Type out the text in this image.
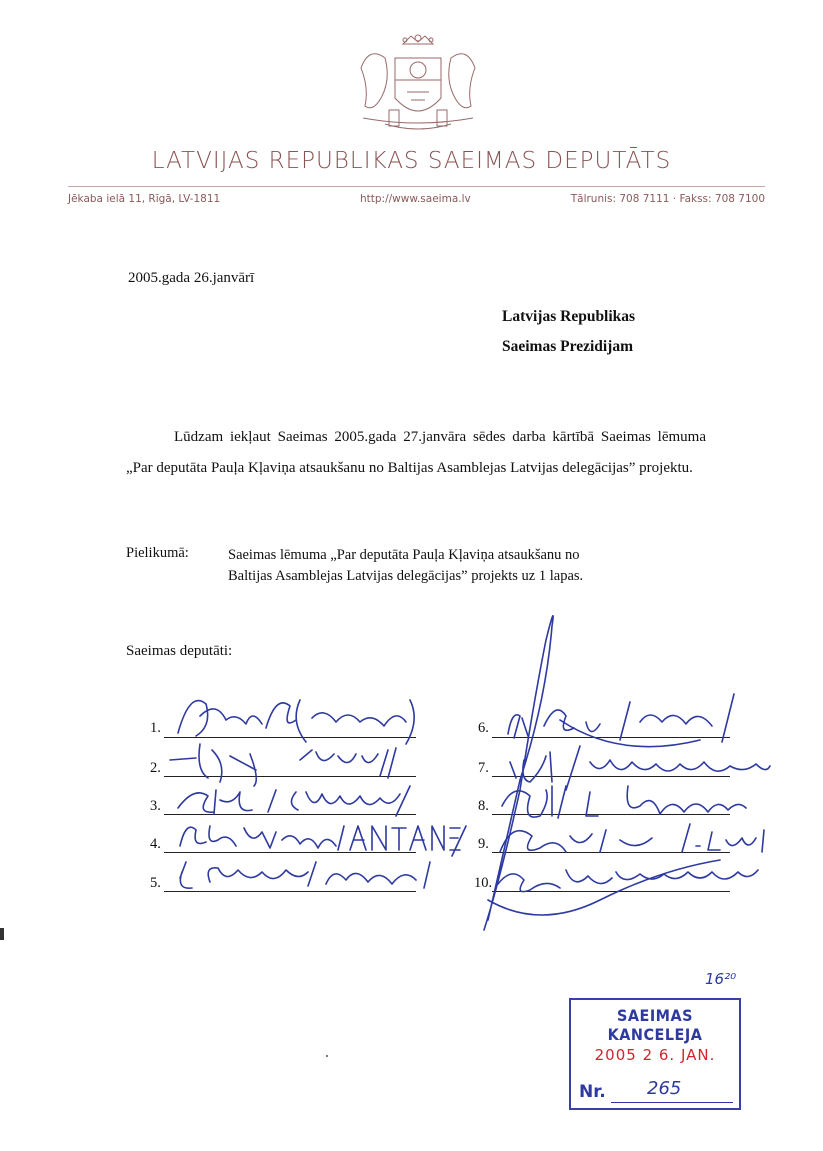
LATVIJAS REPUBLIKAS SAEIMAS DEPUTĀTS
Jēkaba ielā 11, Rīgā, LV-1811	http://www.saeima.lv	Tālrunis: 708 7111 · Fakss: 708 7100
2005.gada 26.janvārī
Latvijas Republikas
Saeimas Prezidijam
Lūdzam iekļaut Saeimas 2005.gada 27.janvāra sēdes darba kārtībā Saeimas lēmuma „Par deputāta Pauļa Kļaviņa atsaukšanu no Baltijas Asamblejas Latvijas delegācijas” projektu.
Pielikumā:	Saeimas lēmuma „Par deputāta Pauļa Kļaviņa atsaukšanu no
Baltijas Asamblejas Latvijas delegācijas” projekts uz 1 lapas.
Saeimas deputāti:
1.
2.
3.
4.
5.
6.
7.
8.
9.
10.
16²⁰
SAEIMAS KANCELEJA
2005 2 6. JAN.
Nr. 265
